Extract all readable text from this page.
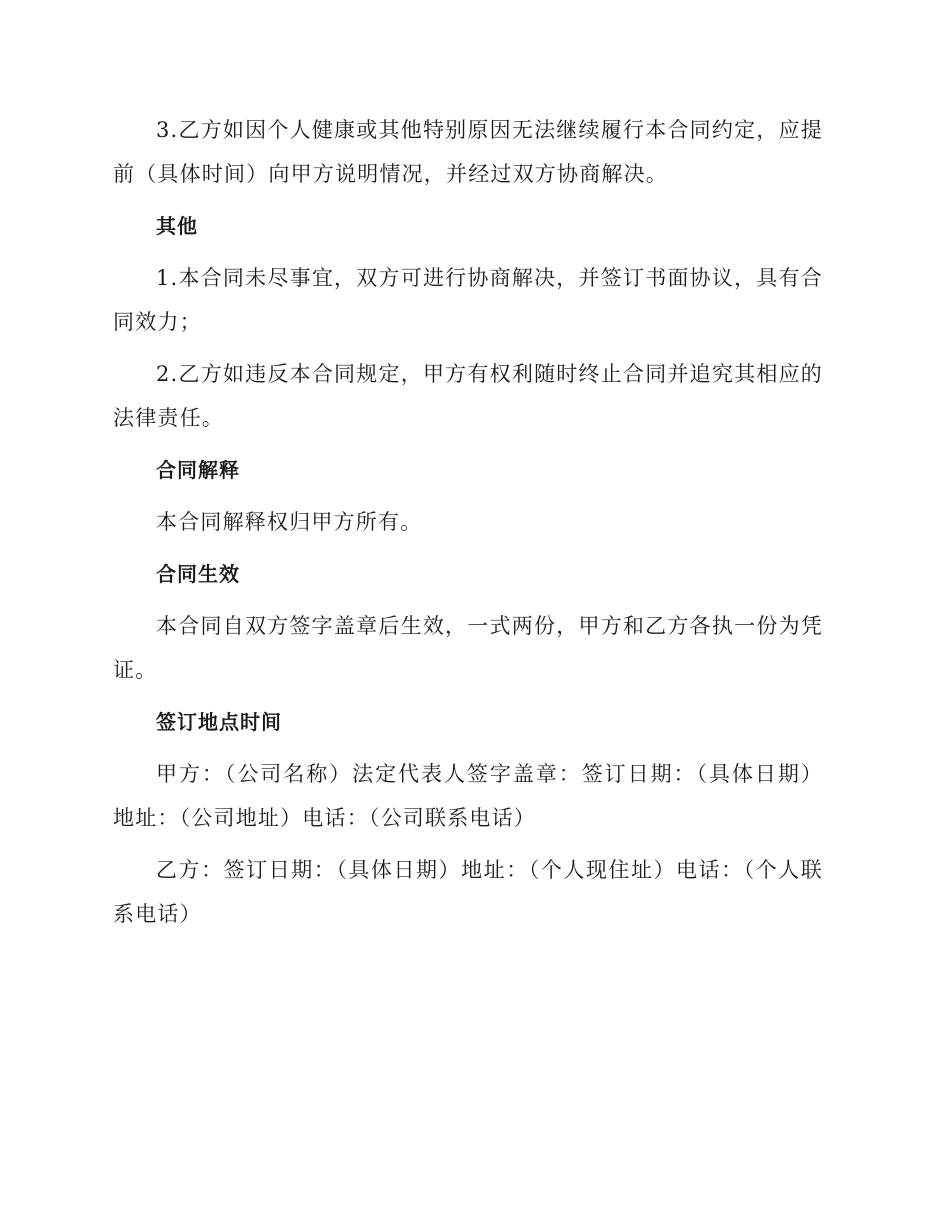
3.乙方如因个人健康或其他特别原因无法继续履行本合同约定，应提前（具体时间）向甲方说明情况，并经过双方协商解决。

其他

1.本合同未尽事宜，双方可进行协商解决，并签订书面协议，具有合同效力；

2.乙方如违反本合同规定，甲方有权利随时终止合同并追究其相应的法律责任。

合同解释

本合同解释权归甲方所有。

合同生效

本合同自双方签字盖章后生效，一式两份，甲方和乙方各执一份为凭证。

签订地点时间

甲方：（公司名称）法定代表人签字盖章：签订日期：（具体日期）地址：（公司地址）电话：（公司联系电话）

乙方：签订日期：（具体日期）地址：（个人现住址）电话：（个人联系电话）
